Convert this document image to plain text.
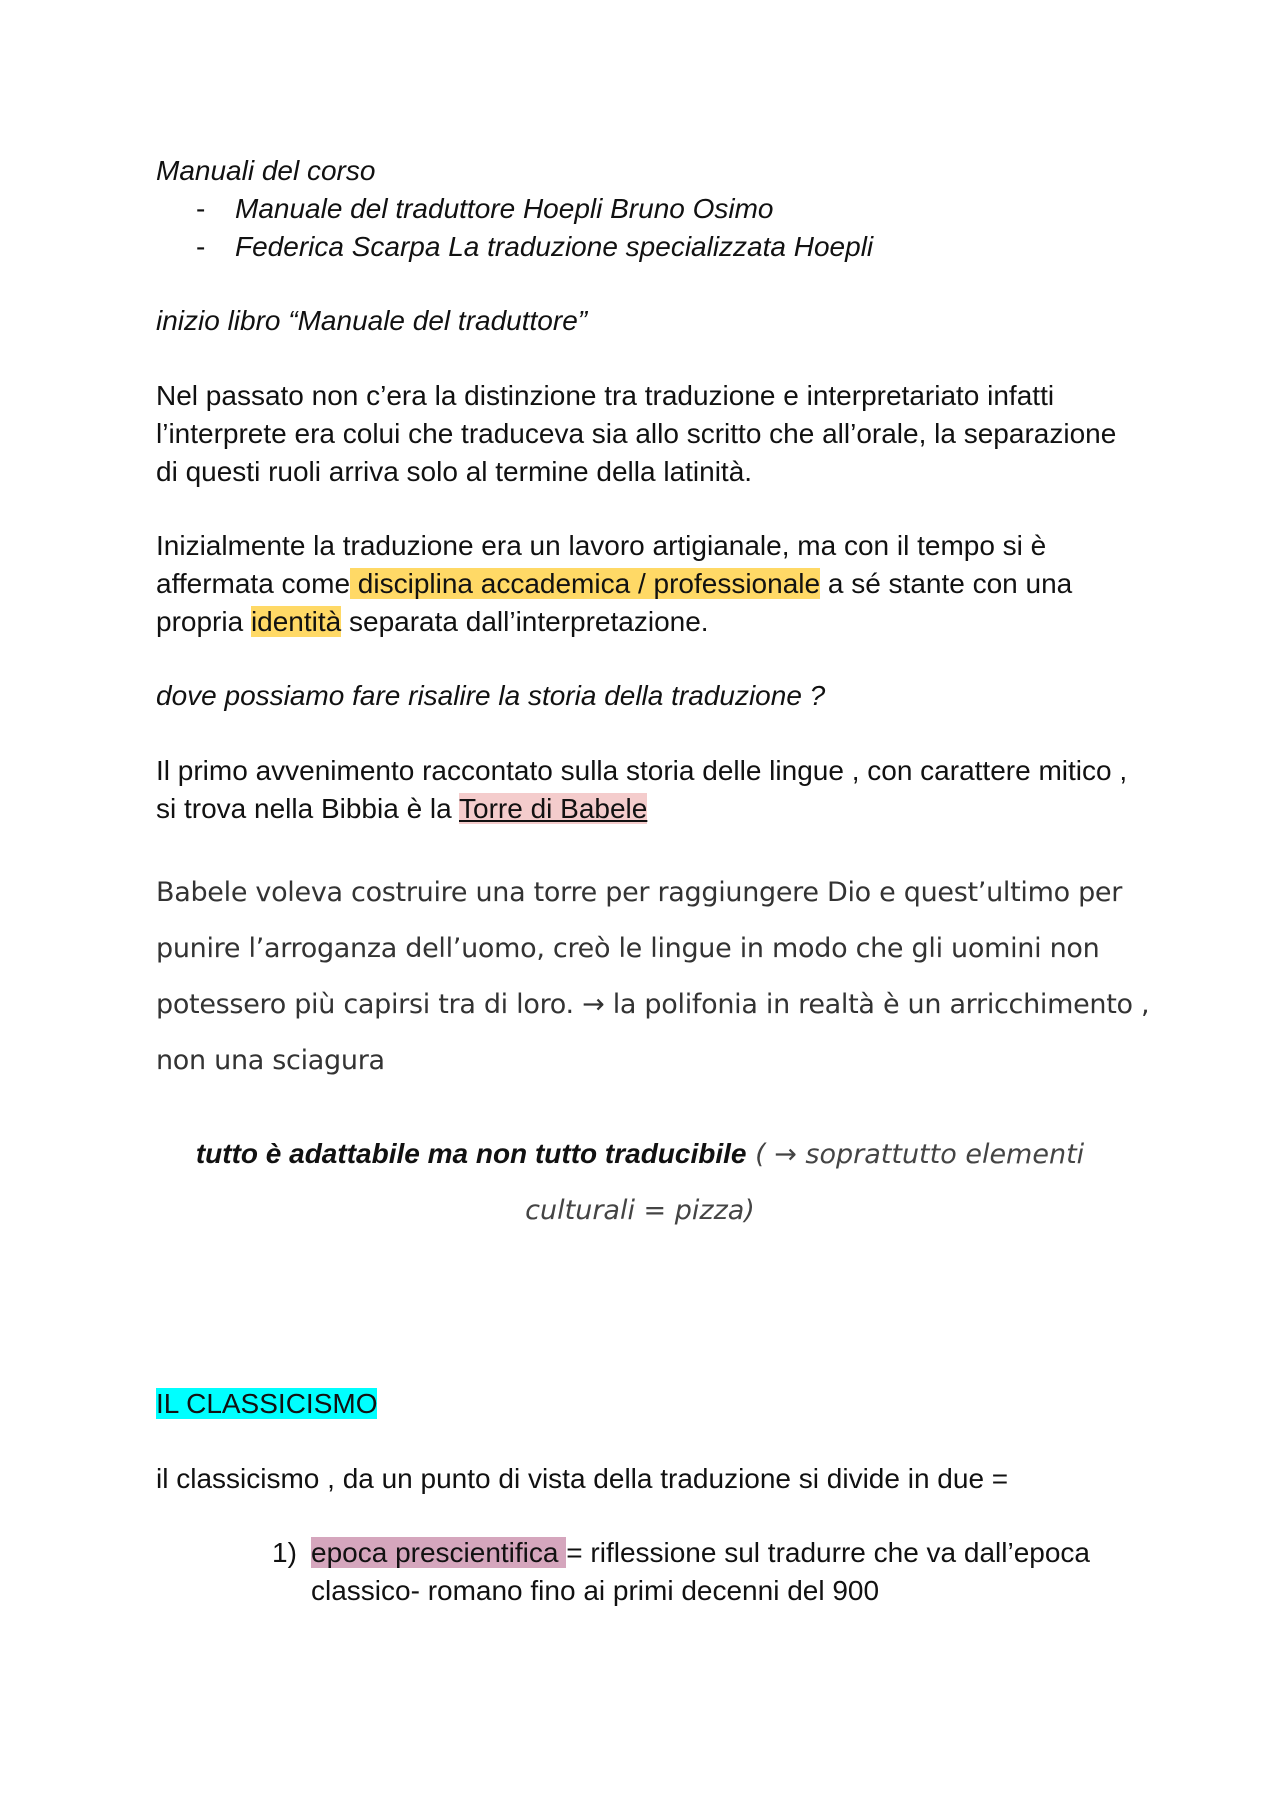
Manuali del corso
- Manuale del traduttore Hoepli Bruno Osimo
- Federica Scarpa La traduzione specializzata Hoepli
inizio libro “Manuale del traduttore”
Nel passato non c’era la distinzione tra traduzione e interpretariato infatti
l’interprete era colui che traduceva sia allo scritto che all’orale, la separazione
di questi ruoli arriva solo al termine della latinità.
Inizialmente la traduzione era un lavoro artigianale, ma con il tempo si è
affermata come disciplina accademica / professionale a sé stante con una
propria identità separata dall’interpretazione.
dove possiamo fare risalire la storia della traduzione ?
Il primo avvenimento raccontato sulla storia delle lingue , con carattere mitico ,
si trova nella Bibbia è la Torre di Babele
Babele voleva costruire una torre per raggiungere Dio e quest’ultimo per
punire l’arroganza dell’uomo, creò le lingue in modo che gli uomini non
potessero più capirsi tra di loro. → la polifonia in realtà è un arricchimento ,
non una sciagura
tutto è adattabile ma non tutto traducibile ( → soprattutto elementi
culturali = pizza)
IL CLASSICISMO
il classicismo , da un punto di vista della traduzione si divide in due =
1) epoca prescientifica = riflessione sul tradurre che va dall’epoca
classico- romano fino ai primi decenni del 900
